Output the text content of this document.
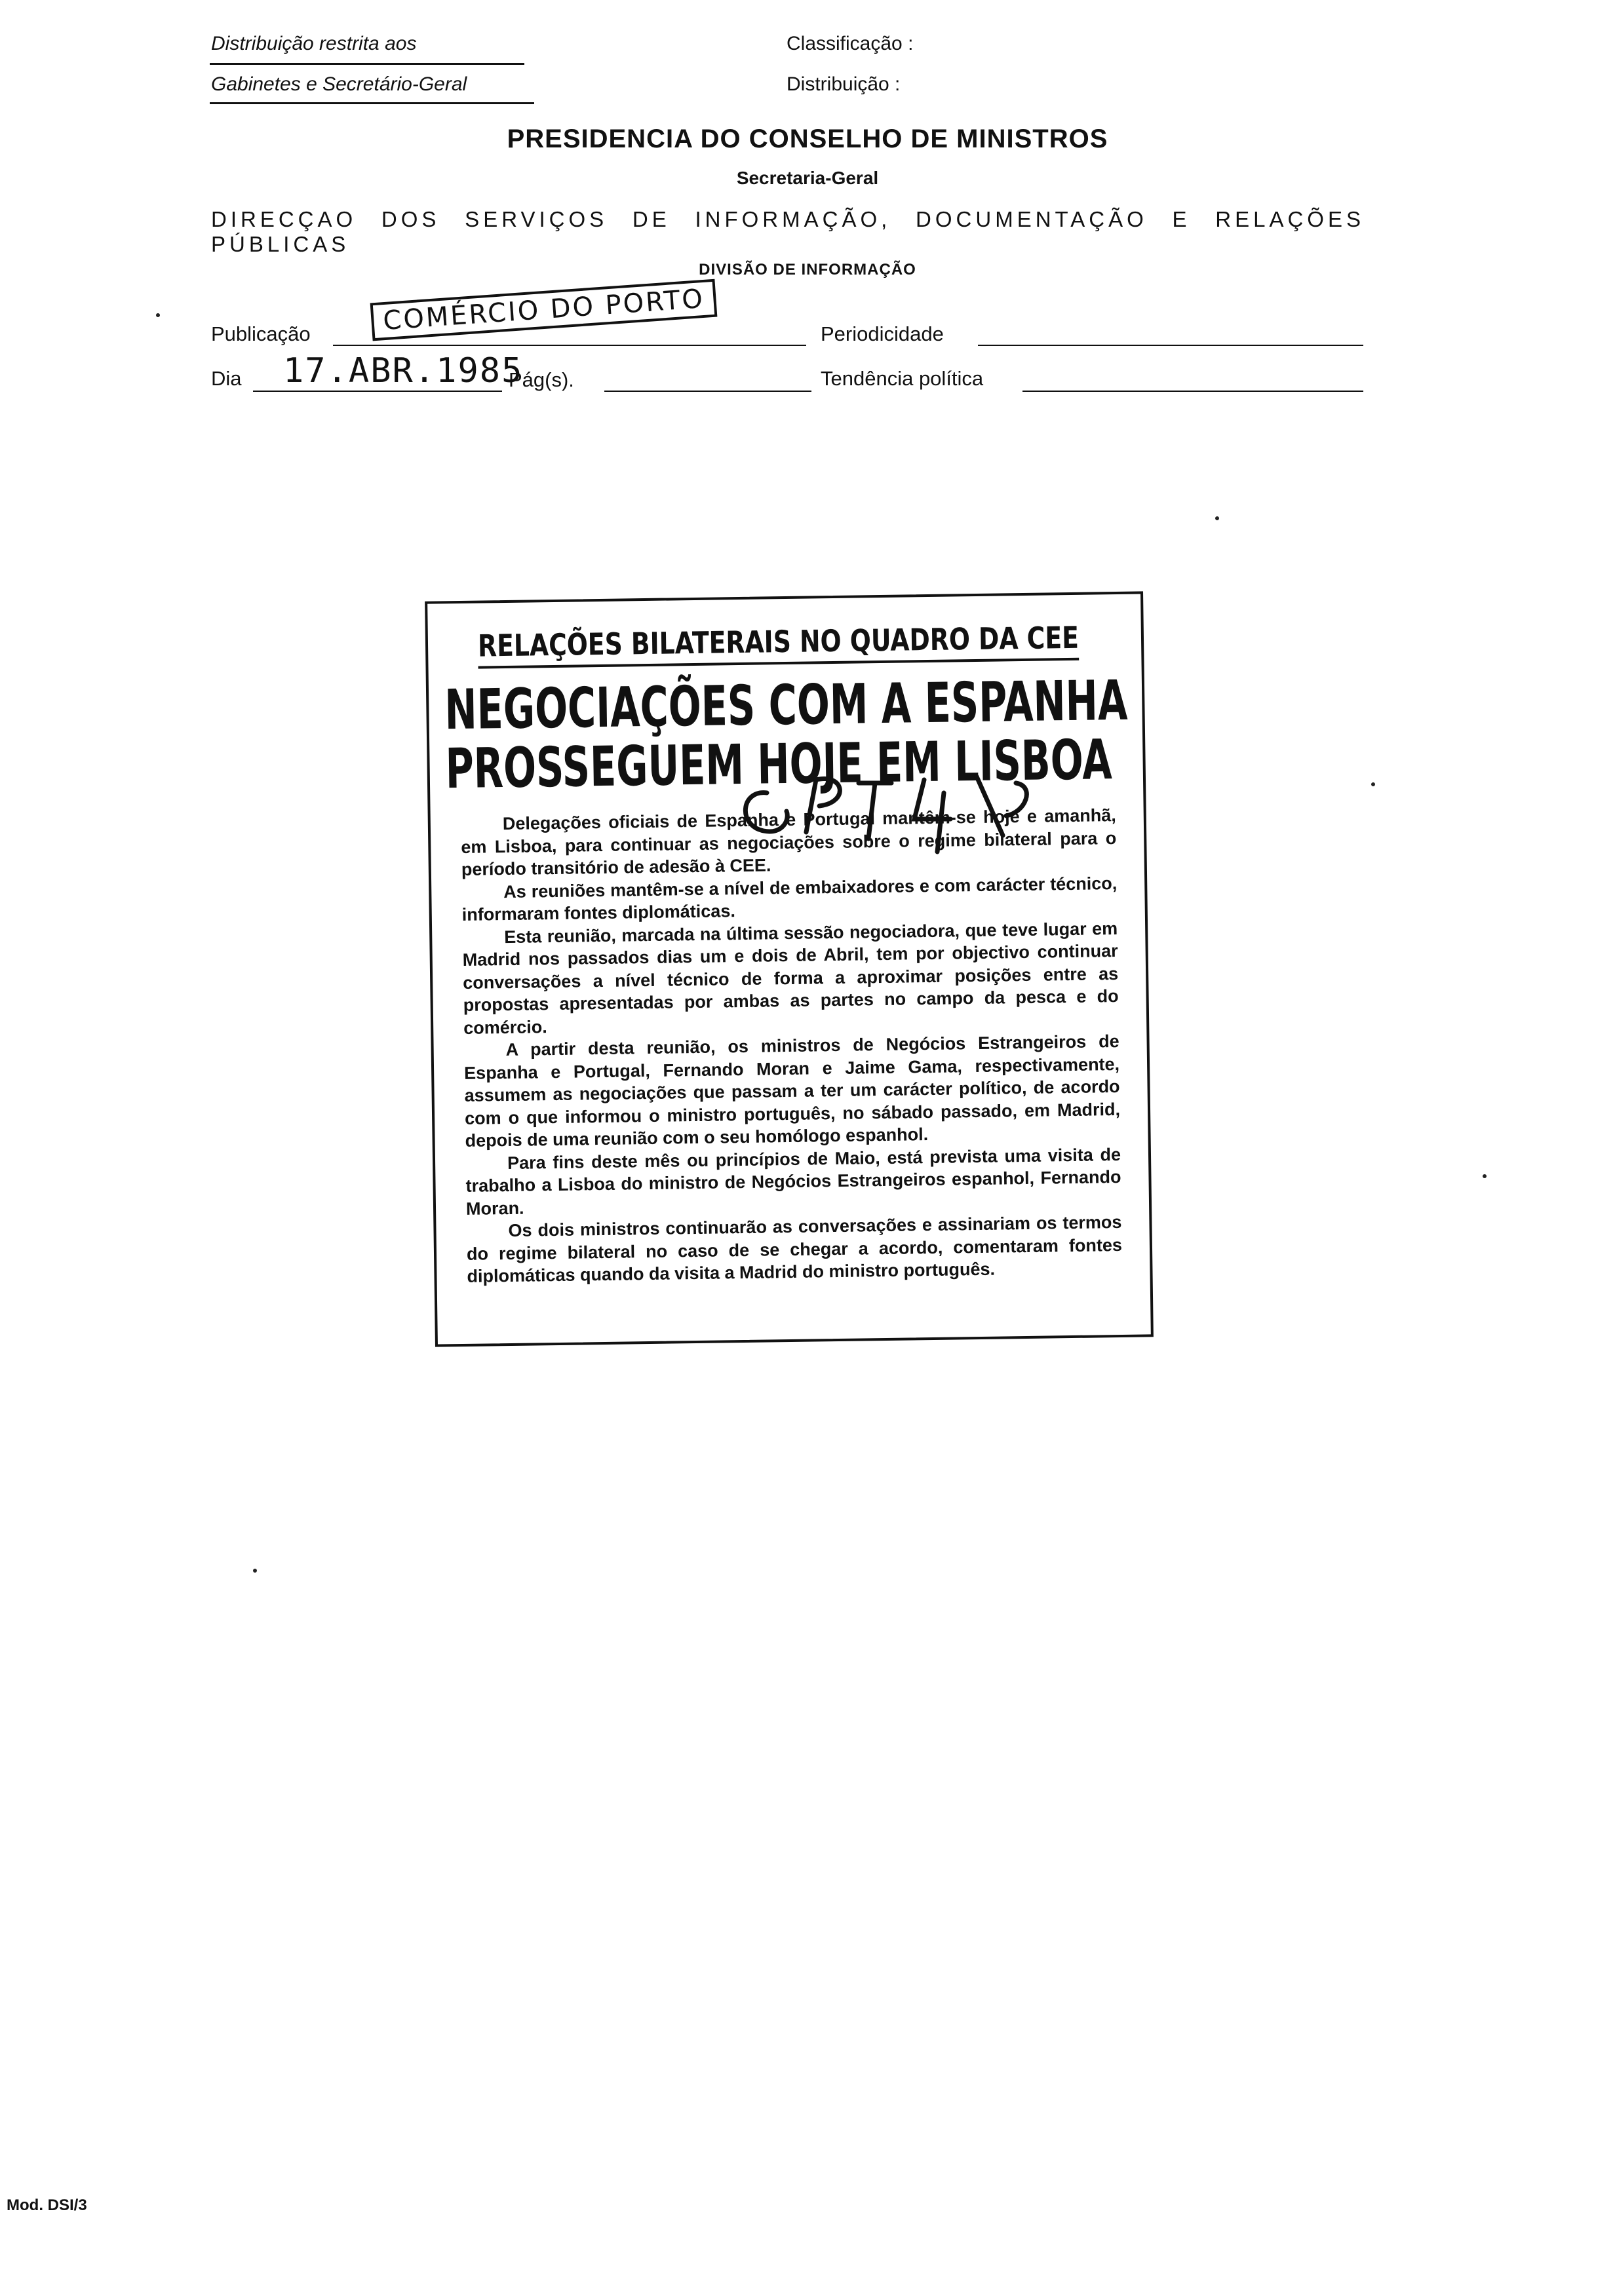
Distribuição restrita aos
Gabinetes e Secretário-Geral
Classificação :
Distribuição :
PRESIDENCIA DO CONSELHO DE MINISTROS
Secretaria-Geral
DIRECÇAO DOS SERVIÇOS DE INFORMAÇÃO, DOCUMENTAÇÃO E RELAÇÕES PÚBLICAS
DIVISÃO DE INFORMAÇÃO
Publicação	COMÉRCIO DO PORTO	Periodicidade
Dia 17.ABR.1985
Pág(s).	Tendência política
RELAÇÕES BILATERAIS NO QUADRO DA CEE
NEGOCIAÇÕES COM A ESPANHA
PROSSEGUEM HOJE EM LISBOA

Delegações oficiais de Espanha e Portugal mantêm-se hoje e amanhã, em Lisboa, para continuar as negociações sobre o regime bilateral para o período transitório de adesão à CEE.

As reuniões mantêm-se a nível de embaixadores e com carácter técnico, informaram fontes diplomáticas.

Esta reunião, marcada na última sessão negociadora, que teve lugar em Madrid nos passados dias um e dois de Abril, tem por objectivo continuar conversações a nível técnico de forma a aproximar posições entre as propostas apresentadas por ambas as partes no campo da pesca e do comércio.

A partir desta reunião, os ministros de Negócios Estrangeiros de Espanha e Portugal, Fernando Moran e Jaime Gama, respectivamente, assumem as negociações que passam a ter um carácter político, de acordo com o que informou o ministro português, no sábado passado, em Madrid, depois de uma reunião com o seu homólogo espanhol.

Para fins deste mês ou princípios de Maio, está prevista uma visita de trabalho a Lisboa do ministro de Negócios Estrangeiros espanhol, Fernando Moran.

Os dois ministros continuarão as conversações e assinariam os termos do regime bilateral no caso de se chegar a acordo, comentaram fontes diplomáticas quando da visita a Madrid do ministro português.

Mod. DSI/3
